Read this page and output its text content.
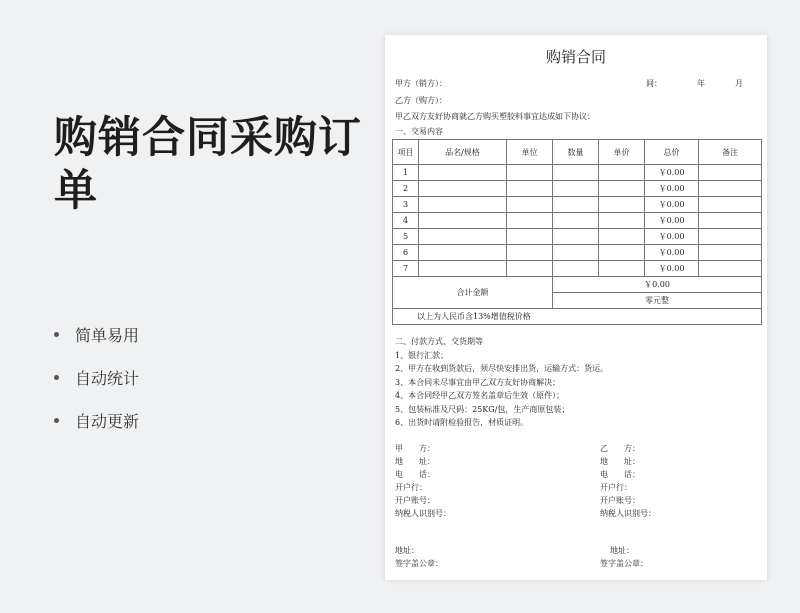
购销合同采购订单
简单易用
自动统计
自动更新
购销合同
甲方（销方）：	间：	年	月
乙方（购方）：
甲乙双方友好协商就乙方购买塑胶料事宜达成如下协议：
一、交易内容
项目	品名/规格	单位	数量	单价	总价	备注
1					￥0.00	
2					￥0.00	
3					￥0.00	
4					￥0.00	
5					￥0.00	
6					￥0.00	
7					￥0.00	
合计金额			￥0.00			
			零元整			
以上为人民币含13%增值税价格						
二、付款方式、交货期等
1、银行汇款；
2、甲方在收到货款后，须尽快安排出货，运输方式：货运。
3、本合同未尽事宜由甲乙双方友好协商解决；
4、本合同经甲乙双方签名盖章后生效（原件）；
5、包装标准及尺码：25KG/包，生产商原包装；
6、出货时请附检验报告，材质证明。
甲　　方：
地　　址：
电　　话：
开户行：
开户账号：
纳税人识别号：
乙　　方：
地　　址：
电　　话：
开户行：
开户账号：
纳税人识别号：
地址：
签字盖公章：
地址：
签字盖公章：
